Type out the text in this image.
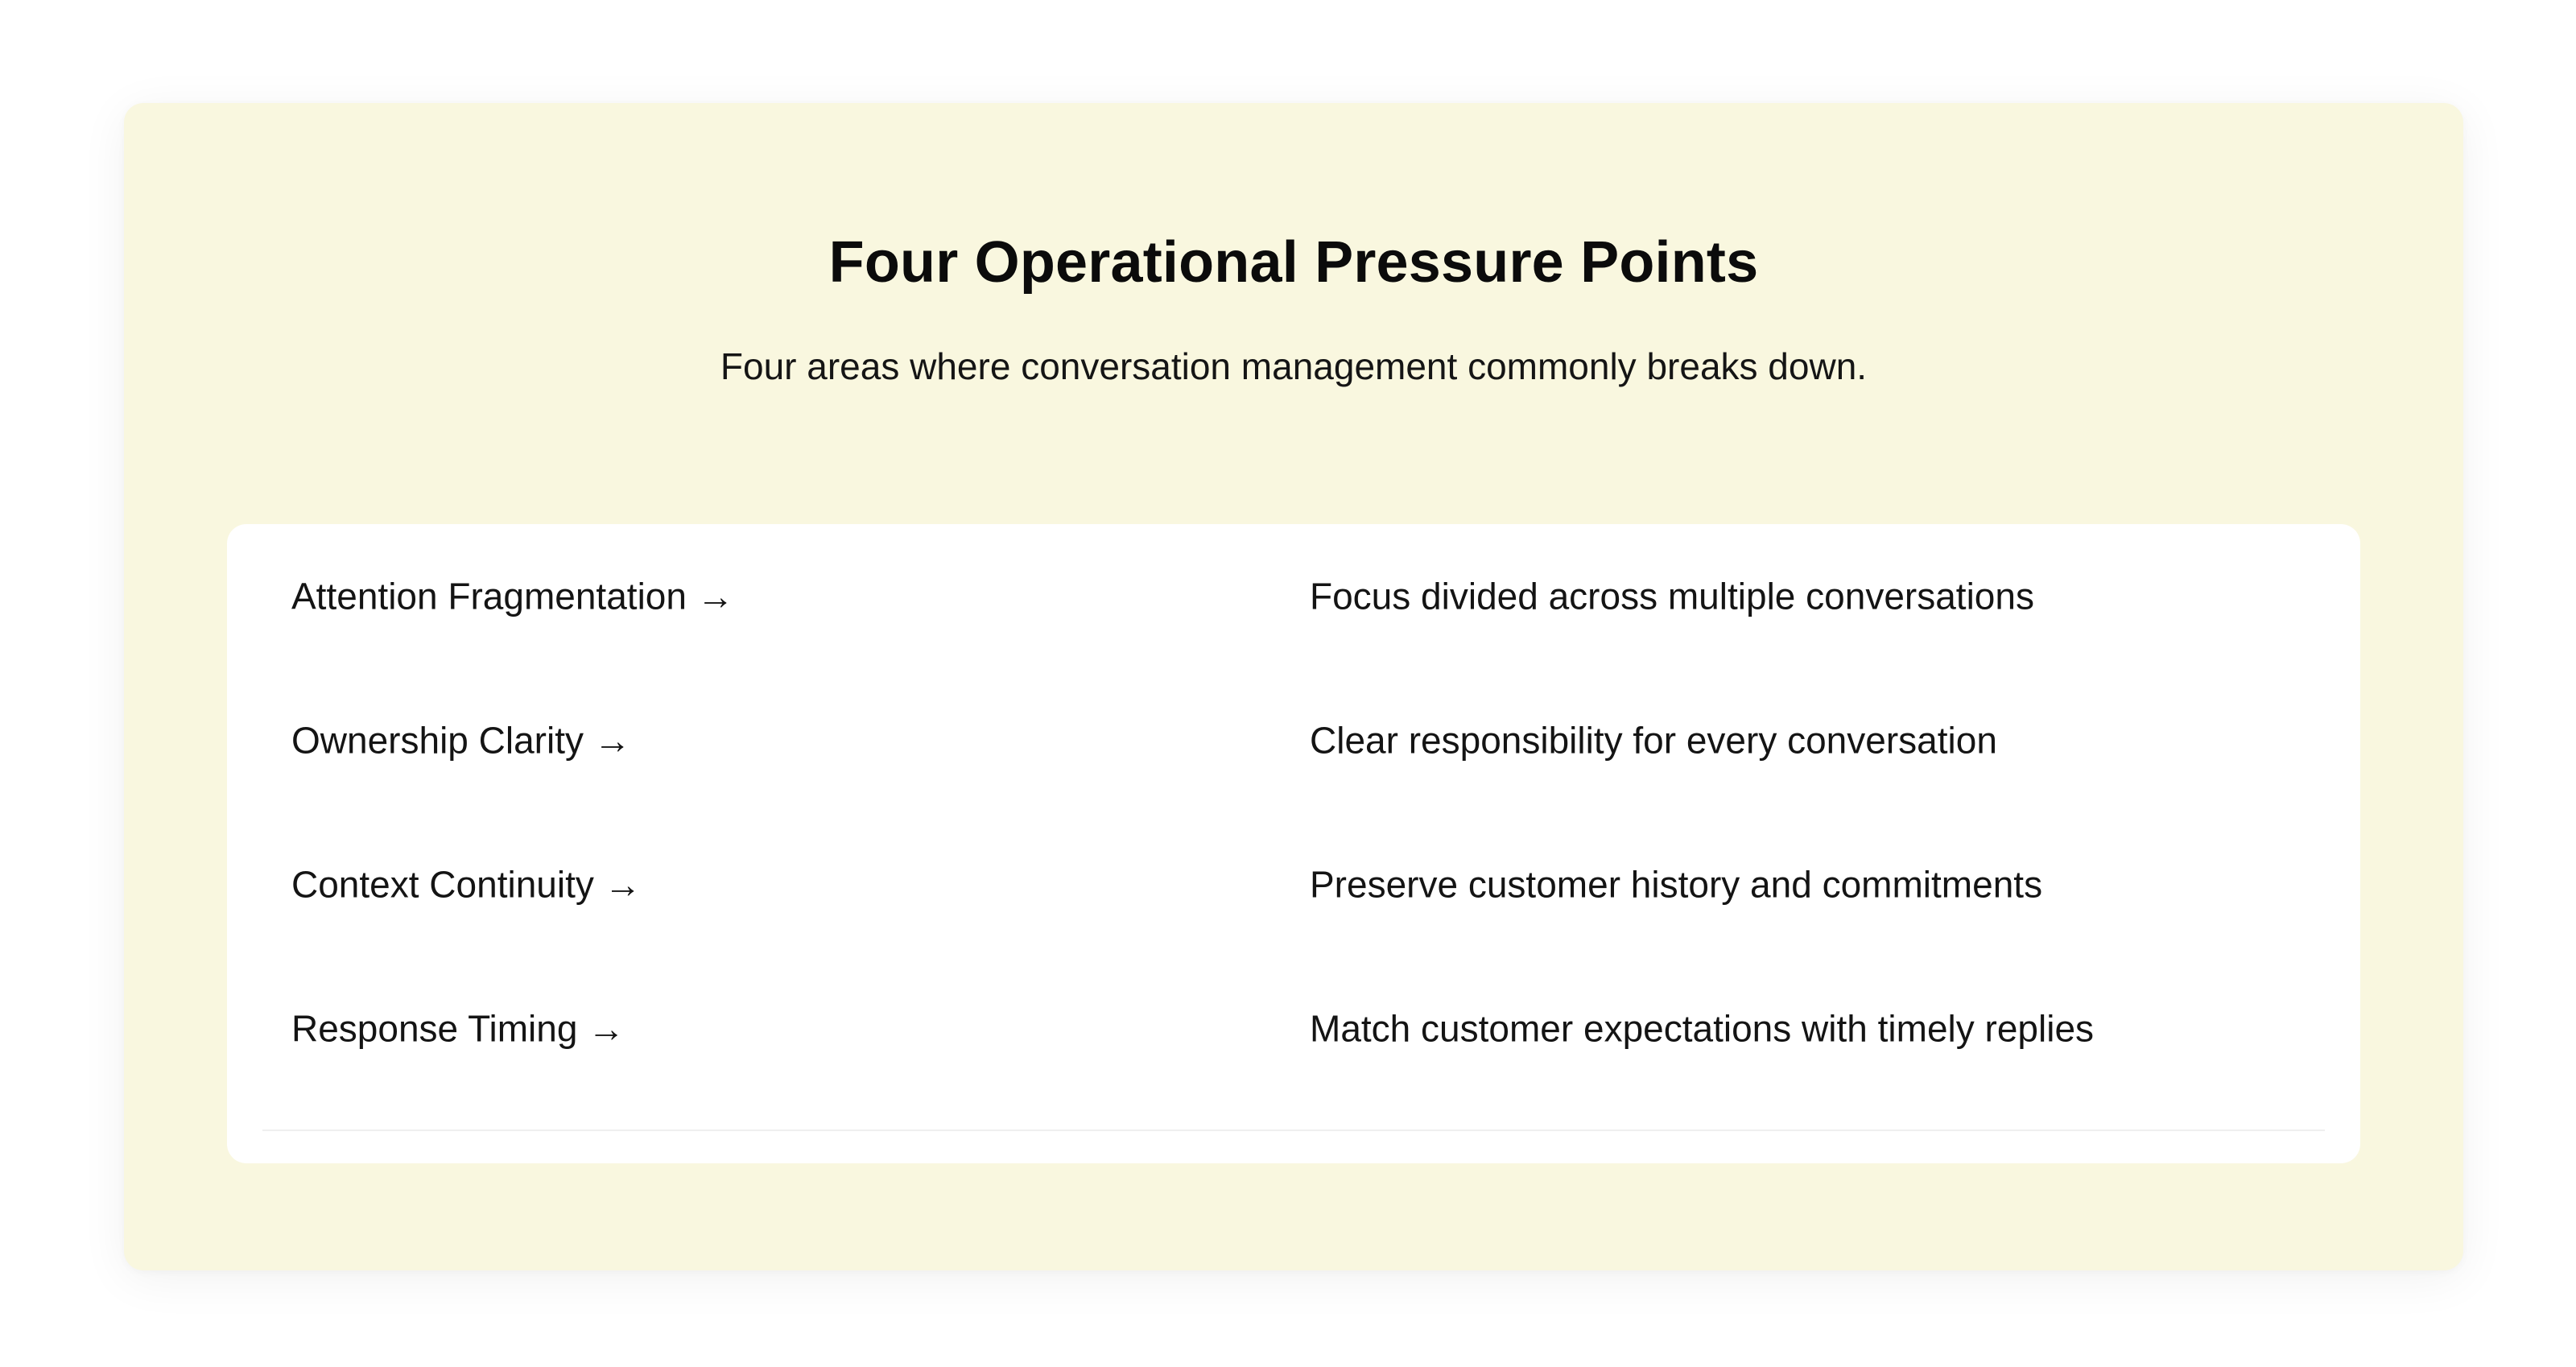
Four Operational Pressure Points
Four areas where conversation management commonly breaks down.
Attention Fragmentation →	Focus divided across multiple conversations
Ownership Clarity →	Clear responsibility for every conversation
Context Continuity →	Preserve customer history and commitments
Response Timing →	Match customer expectations with timely replies
